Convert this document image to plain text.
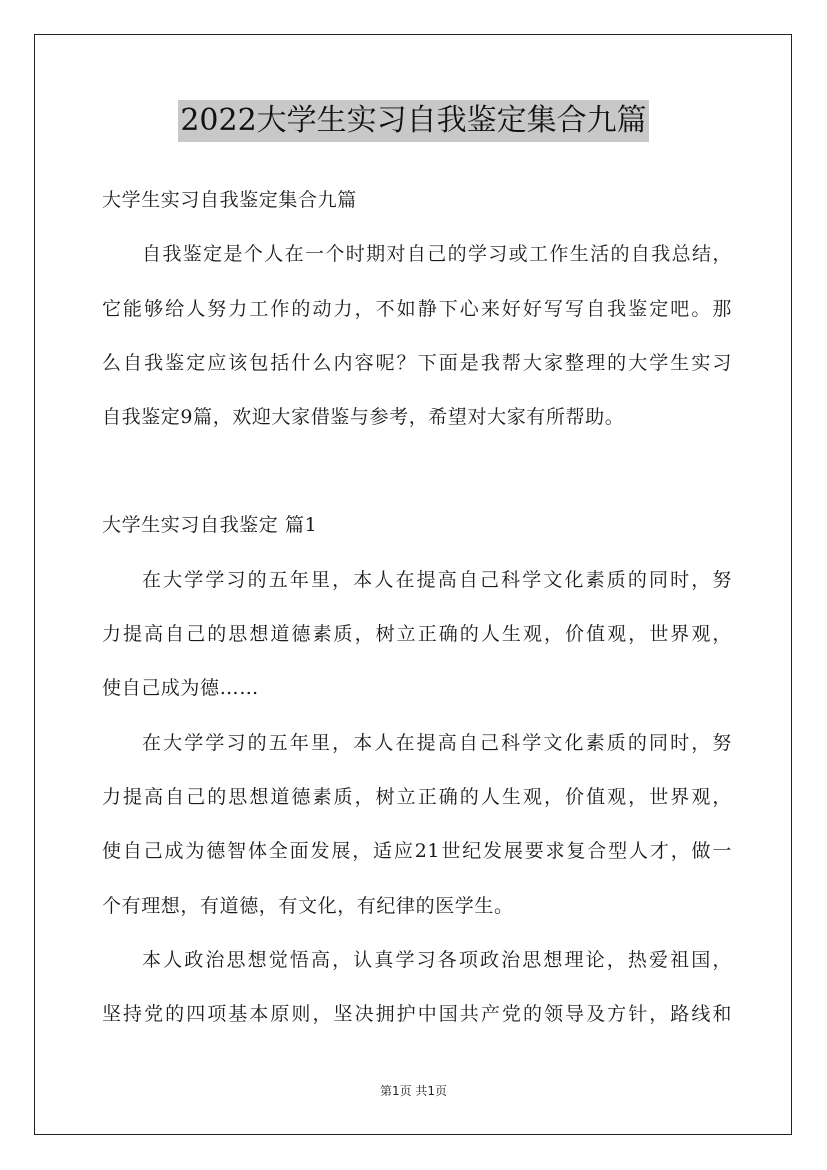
2022大学生实习自我鉴定集合九篇
大学生实习自我鉴定集合九篇
自我鉴定是个人在一个时期对自己的学习或工作生活的自我总结，
它能够给人努力工作的动力，不如静下心来好好写写自我鉴定吧。那
么自我鉴定应该包括什么内容呢？下面是我帮大家整理的大学生实习
自我鉴定9篇，欢迎大家借鉴与参考，希望对大家有所帮助。
大学生实习自我鉴定 篇1
在大学学习的五年里，本人在提高自己科学文化素质的同时，努
力提高自己的思想道德素质，树立正确的人生观，价值观，世界观，
使自己成为德……
在大学学习的五年里，本人在提高自己科学文化素质的同时，努
力提高自己的思想道德素质，树立正确的人生观，价值观，世界观，
使自己成为德智体全面发展，适应21世纪发展要求复合型人才，做一
个有理想，有道德，有文化，有纪律的医学生。
本人政治思想觉悟高，认真学习各项政治思想理论，热爱祖国，
坚持党的四项基本原则，坚决拥护中国共产党的领导及方针，路线和
第1页 共1页
